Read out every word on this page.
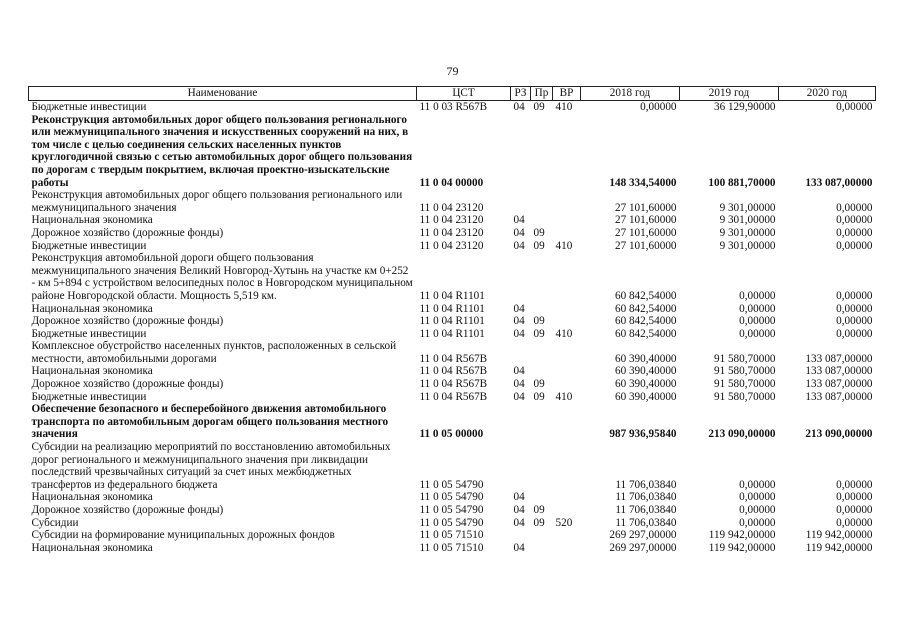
79
Наименование	ЦСТ	РЗ	Пр	ВР	2018 год	2019 год	2020 год
Бюджетные инвестиции	11 0 03 R567В	04	09	410	0,00000	36 129,90000	0,00000
Реконструкция автомобильных дорог общего пользования регионального или межмуниципального значения и искусственных сооружений на них, в том числе с целью соединения сельских населенных пунктов круглогодичной связью с сетью автомобильных дорог общего пользования по дорогам с твердым покрытием, включая проектно-изыскательские работы	11 0 04 00000				148 334,54000	100 881,70000	133 087,00000
Реконструкция автомобильных дорог общего пользования регионального или межмуниципального значения	11 0 04 23120				27 101,60000	9 301,00000	0,00000
Национальная экономика	11 0 04 23120	04			27 101,60000	9 301,00000	0,00000
Дорожное хозяйство (дорожные фонды)	11 0 04 23120	04	09		27 101,60000	9 301,00000	0,00000
Бюджетные инвестиции	11 0 04 23120	04	09	410	27 101,60000	9 301,00000	0,00000
Реконструкция автомобильной дороги общего пользования межмуниципального значения Великий Новгород-Хутынь на участке км 0+252 - км 5+894 с устройством велосипедных полос в Новгородском муниципальном районе Новгородской области. Мощность 5,519 км.	11 0 04 R1101				60 842,54000	0,00000	0,00000
Национальная экономика	11 0 04 R1101	04			60 842,54000	0,00000	0,00000
Дорожное хозяйство (дорожные фонды)	11 0 04 R1101	04	09		60 842,54000	0,00000	0,00000
Бюджетные инвестиции	11 0 04 R1101	04	09	410	60 842,54000	0,00000	0,00000
Комплексное обустройство населенных пунктов, расположенных в сельской местности, автомобильными дорогами	11 0 04 R567В				60 390,40000	91 580,70000	133 087,00000
Национальная экономика	11 0 04 R567В	04			60 390,40000	91 580,70000	133 087,00000
Дорожное хозяйство (дорожные фонды)	11 0 04 R567В	04	09		60 390,40000	91 580,70000	133 087,00000
Бюджетные инвестиции	11 0 04 R567В	04	09	410	60 390,40000	91 580,70000	133 087,00000
Обеспечение безопасного и бесперебойного движения автомобильного транспорта по автомобильным дорогам общего пользования местного значения	11 0 05 00000				987 936,95840	213 090,00000	213 090,00000
Субсидии на реализацию мероприятий по восстановлению автомобильных дорог регионального и межмуниципального значения при ликвидации последствий чрезвычайных ситуаций за счет иных межбюджетных трансфертов из федерального бюджета	11 0 05 54790				11 706,03840	0,00000	0,00000
Национальная экономика	11 0 05 54790	04			11 706,03840	0,00000	0,00000
Дорожное хозяйство (дорожные фонды)	11 0 05 54790	04	09		11 706,03840	0,00000	0,00000
Субсидии	11 0 05 54790	04	09	520	11 706,03840	0,00000	0,00000
Субсидии на формирование муниципальных дорожных фондов	11 0 05 71510				269 297,00000	119 942,00000	119 942,00000
Национальная экономика	11 0 05 71510	04			269 297,00000	119 942,00000	119 942,00000
